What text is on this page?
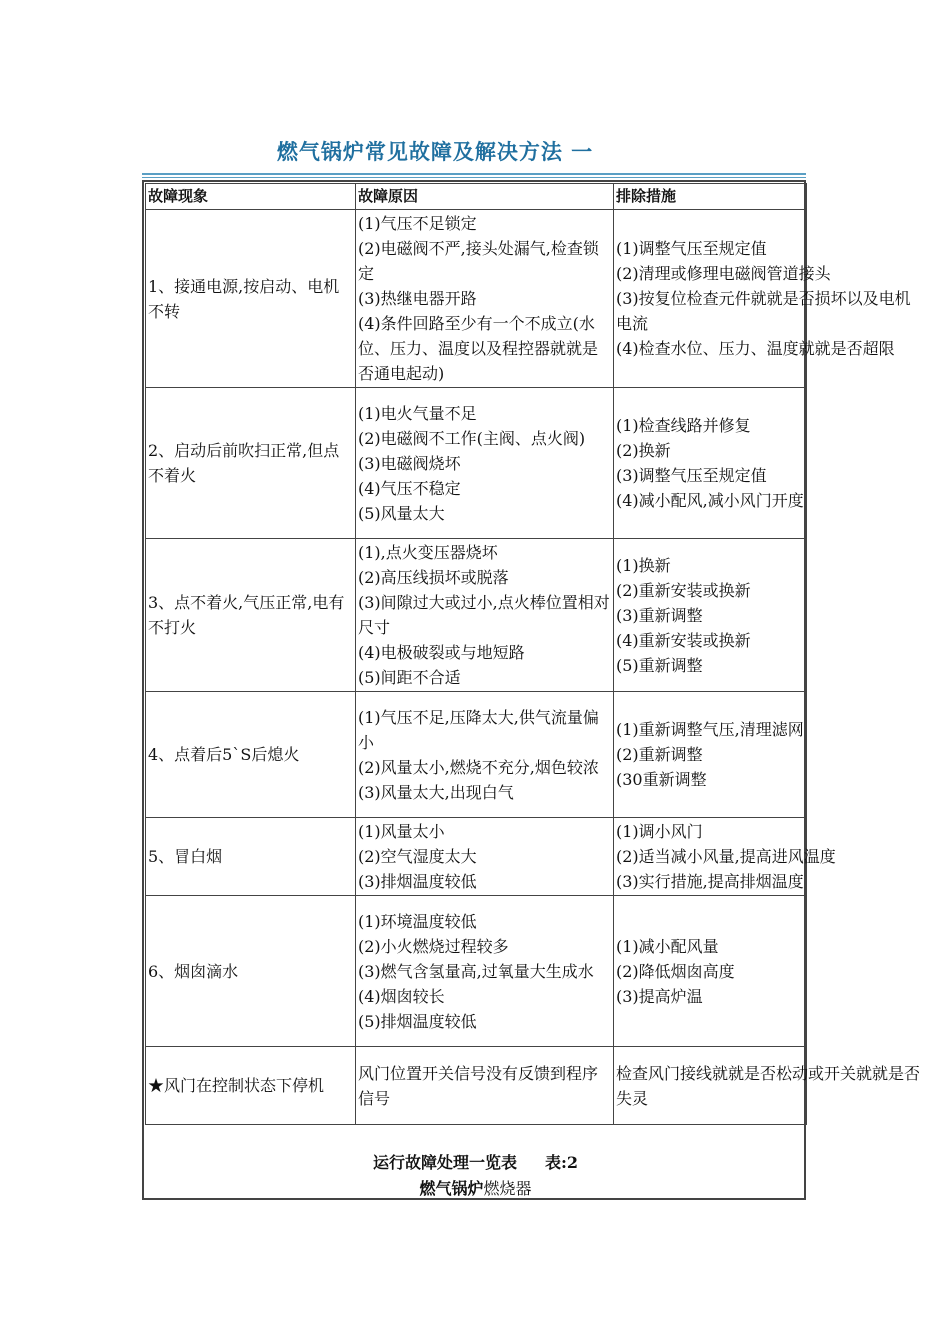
燃气锅炉常见故障及解决方法 一
故障现象	故障原因	排除措施
1、接通电源,按启动、电机不转	(1)气压不足锁定
(2)电磁阀不严,接头处漏气,检查锁定
(3)热继电器开路
(4)条件回路至少有一个不成立(水位、压力、温度以及程控器就就是否通电起动)	(1)调整气压至规定值
(2)清理或修理电磁阀管道接头
(3)按复位检查元件就就是否损坏以及电机电流
(4)检查水位、压力、温度就就是否超限

2、启动后前吹扫正常,但点不着火	(1)电火气量不足
(2)电磁阀不工作(主阀、点火阀)
(3)电磁阀烧坏
(4)气压不稳定
(5)风量太大	(1)检查线路并修复
(2)换新
(3)调整气压至规定值
(4)减小配风,减小风门开度

3、点不着火,气压正常,电有不打火	(1),点火变压器烧坏
(2)高压线损坏或脱落
(3)间隙过大或过小,点火棒位置相对尺寸
(4)电极破裂或与地短路
(5)间距不合适	(1)换新
(2)重新安装或换新
(3)重新调整
(4)重新安装或换新
(5)重新调整

4、点着后5`S后熄火	(1)气压不足,压降太大,供气流量偏小
(2)风量太小,燃烧不充分,烟色较浓
(3)风量太大,出现白气	(1)重新调整气压,清理滤网
(2)重新调整
(30重新调整

5、冒白烟	(1)风量太小
(2)空气湿度太大
(3)排烟温度较低	(1)调小风门
(2)适当减小风量,提高进风温度
(3)实行措施,提高排烟温度

6、烟囱滴水	(1)环境温度较低
(2)小火燃烧过程较多
(3)燃气含氢量高,过氧量大生成水
(4)烟囱较长
(5)排烟温度较低	(1)减小配风量
(2)降低烟囱高度
(3)提高炉温

★风门在控制状态下停机	风门位置开关信号没有反馈到程序信号	检查风门接线就就是否松动或开关就就是否
失灵
运行故障处理一览表 表:2
燃气锅炉燃烧器
